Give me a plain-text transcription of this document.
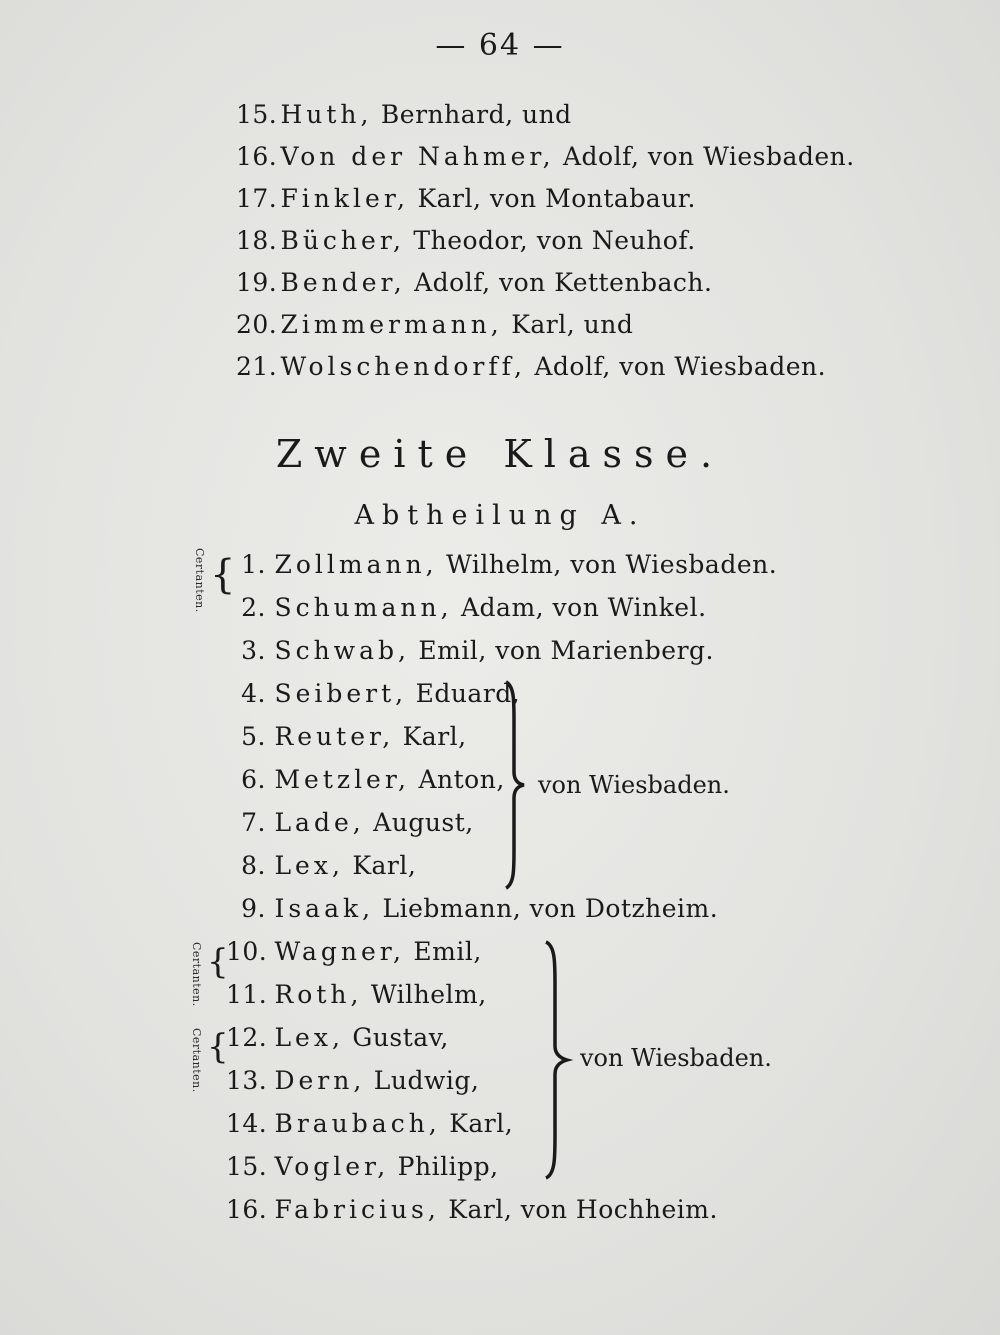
— 64 —
15. Huth, Bernhard, und
16. Von der Nahmer, Adolf, von Wiesbaden.
17. Finkler, Karl, von Montabaur.
18. Bücher, Theodor, von Neuhof.
19. Bender, Adolf, von Kettenbach.
20. Zimmermann, Karl, und
21. Wolschendorff, Adolf, von Wiesbaden.
Zweite Klasse.
Abtheilung A.
Certanten. {
Certanten. {
Certanten. {
1. Zollmann, Wilhelm, von Wiesbaden.
2. Schumann, Adam, von Winkel.
3. Schwab, Emil, von Marienberg.
4. Seibert, Eduard,
5. Reuter, Karl,
6. Metzler, Anton,
7. Lade, August,
8. Lex, Karl,
9. Isaak, Liebmann, von Dotzheim.
10. Wagner, Emil,
11. Roth, Wilhelm,
12. Lex, Gustav,
13. Dern, Ludwig,
14. Braubach, Karl,
15. Vogler, Philipp,
16. Fabricius, Karl, von Hochheim.
von Wiesbaden.
von Wiesbaden.
